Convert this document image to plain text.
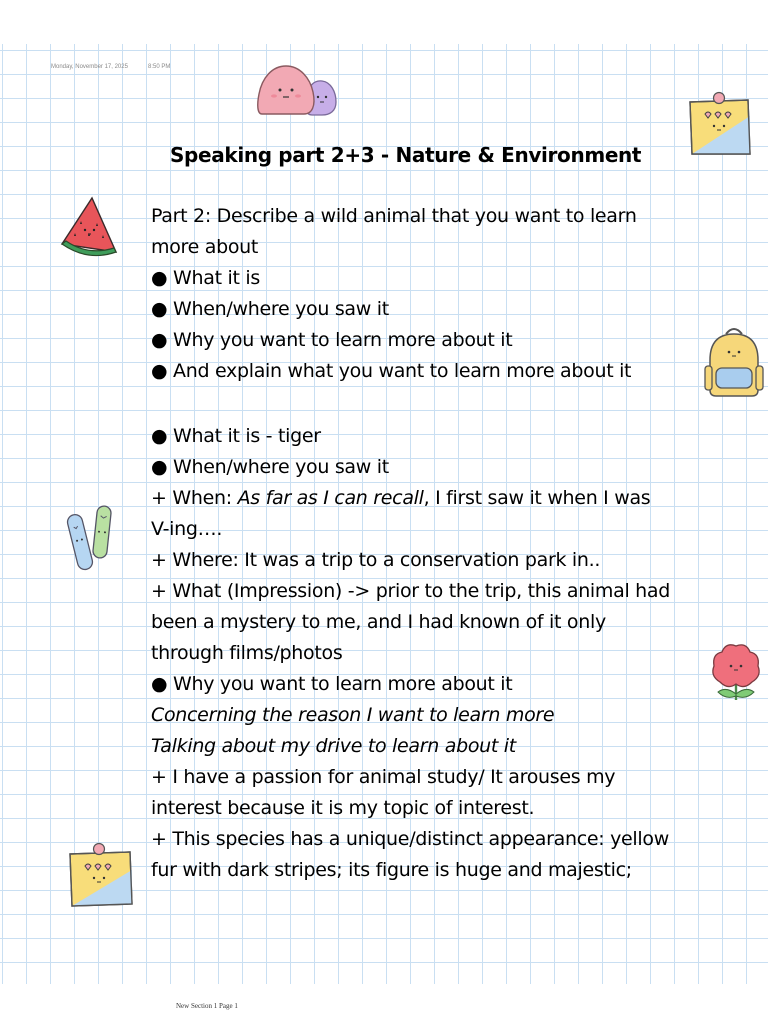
Monday, November 17, 2025	8:50 PM
Speaking part 2+3 - Nature & Environment

Part 2: Describe a wild animal that you want to learn more about

● What it is

● When/where you saw it

● Why you want to learn more about it

● And explain what you want to learn more about it

● What it is - tiger

● When/where you saw it

+ When: As far as I can recall, I first saw it when I was V-ing….

+ Where: It was a trip to a conservation park in..

+ What (Impression) -> prior to the trip, this animal had been a mystery to me, and I had known of it only through films/photos

● Why you want to learn more about it

Concerning the reason I want to learn more

Talking about my drive to learn about it

+ I have a passion for animal study/ It arouses my interest because it is my topic of interest.

+ This species has a unique/distinct appearance: yellow fur with dark stripes; its figure is huge and majestic;

New Section 1 Page 1
